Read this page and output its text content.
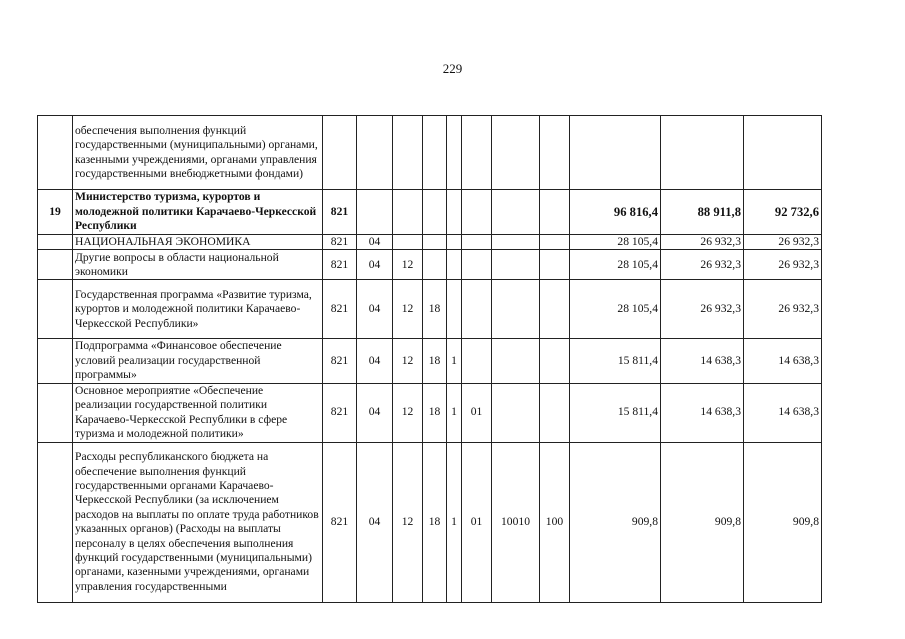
229
	обеспечения выполнения функций государственными (муниципальными) органами, казенными учреждениями, органами управления государственными внебюджетными фондами)											
19	Министерство туризма, курортов и молодежной политики Карачаево-Черкесской Республики	821								96 816,4	88 911,8	92 732,6
	НАЦИОНАЛЬНАЯ ЭКОНОМИКА	821	04							28 105,4	26 932,3	26 932,3
	Другие вопросы в области национальной экономики	821	04	12						28 105,4	26 932,3	26 932,3
	Государственная программа «Развитие туризма, курортов и молодежной политики Карачаево-Черкесской Республики»	821	04	12	18					28 105,4	26 932,3	26 932,3
	Подпрограмма «Финансовое обеспечение условий реализации государственной программы»	821	04	12	18	1				15 811,4	14 638,3	14 638,3
	Основное мероприятие «Обеспечение реализации государственной политики Карачаево-Черкесской Республики в сфере туризма и молодежной политики»	821	04	12	18	1	01			15 811,4	14 638,3	14 638,3
	Расходы республиканского бюджета на обеспечение выполнения функций государственными органами Карачаево-Черкесской Республики (за исключением расходов на выплаты по оплате труда работников указанных органов) (Расходы на выплаты персоналу в целях обеспечения выполнения функций государственными (муниципальными) органами, казенными учреждениями, органами управления государственными	821	04	12	18	1	01	10010	100	909,8	909,8	909,8
